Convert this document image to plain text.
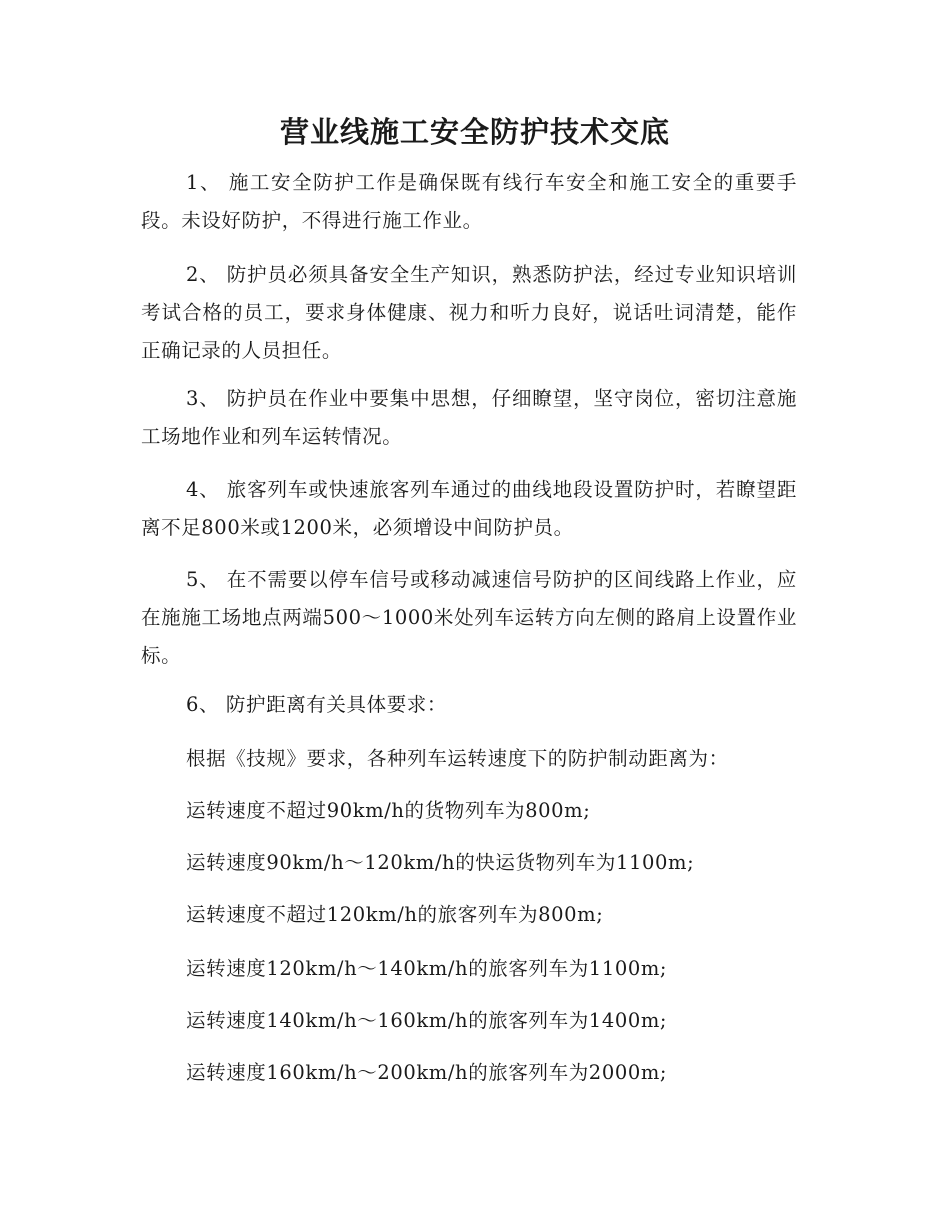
营业线施工安全防护技术交底

1、 施工安全防护工作是确保既有线行车安全和施工安全的重要手段。未设好防护，不得进行施工作业。

2、 防护员必须具备安全生产知识，熟悉防护法，经过专业知识培训考试合格的员工，要求身体健康、视力和听力良好，说话吐词清楚，能作正确记录的人员担任。

3、 防护员在作业中要集中思想，仔细瞭望，坚守岗位，密切注意施工场地作业和列车运转情况。

4、 旅客列车或快速旅客列车通过的曲线地段设置防护时，若瞭望距离不足800米或1200米，必须增设中间防护员。

5、 在不需要以停车信号或移动减速信号防护的区间线路上作业，应在施施工场地点两端500～1000米处列车运转方向左侧的路肩上设置作业标。

6、 防护距离有关具体要求：

根据《技规》要求，各种列车运转速度下的防护制动距离为：

运转速度不超过90km/h的货物列车为800m;

运转速度90km/h～120km/h的快运货物列车为1100m;

运转速度不超过120km/h的旅客列车为800m;

运转速度120km/h～140km/h的旅客列车为1100m;

运转速度140km/h～160km/h的旅客列车为1400m;

运转速度160km/h～200km/h的旅客列车为2000m;
